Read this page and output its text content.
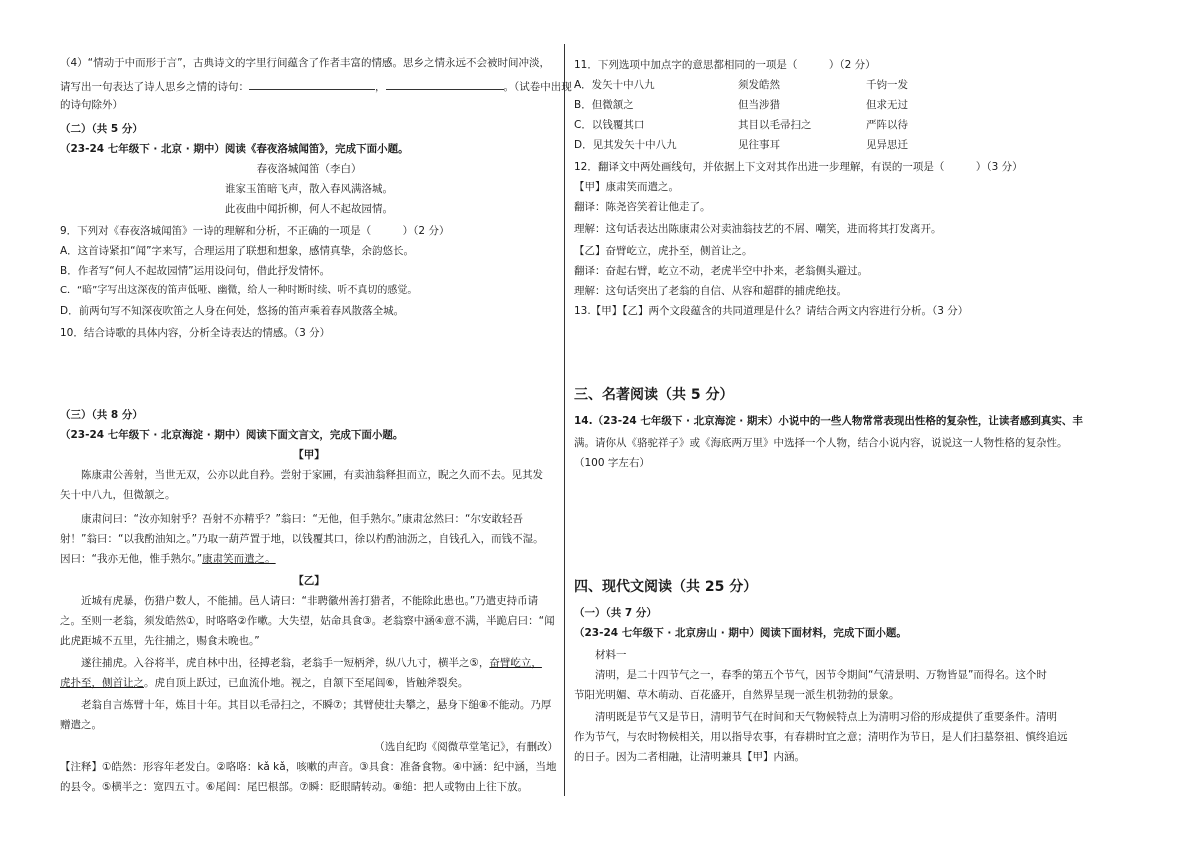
（4）“情动于中而形于言”，古典诗文的字里行间蕴含了作者丰富的情感。思乡之情永远不会被时间冲淡，
请写出一句表达了诗人思乡之情的诗句：	，	。（试卷中出现
的诗句除外）
（二）（共 5 分）
（23-24 七年级下 · 北京 · 期中）阅读《春夜洛城闻笛》，完成下面小题。
春夜洛城闻笛（李白）
谁家玉笛暗飞声，散入春风满洛城。
此夜曲中闻折柳，何人不起故园情。
9．下列对《春夜洛城闻笛》一诗的理解和分析，不正确的一项是（　　　）（2 分）
A．这首诗紧扣“闻”字来写，合理运用了联想和想象，感情真挚，余韵悠长。
B．作者写“何人不起故园情”运用设问句，借此抒发情怀。
C．“暗”字写出这深夜的笛声低哑、幽微，给人一种时断时续、听不真切的感觉。
D．前两句写不知深夜吹笛之人身在何处，悠扬的笛声乘着春风散落全城。
10．结合诗歌的具体内容，分析全诗表达的情感。（3 分）
（三）（共 8 分）
（23-24 七年级下 · 北京海淀 · 期中）阅读下面文言文，完成下面小题。
【甲】
陈康肃公善射，当世无双，公亦以此自矜。尝射于家圃，有卖油翁释担而立，睨之久而不去。见其发
矢十中八九，但微颔之。
康肃问曰：“汝亦知射乎？吾射不亦精乎？”翁曰：“无他，但手熟尔。”康肃忿然曰：“尔安敢轻吾
射！”翁曰：“以我酌油知之。”乃取一葫芦置于地，以钱覆其口，徐以杓酌油沥之，自钱孔入，而钱不湿。
因曰：“我亦无他，惟手熟尔。”康肃笑而遣之。
【乙】
近城有虎暴，伤猎户数人，不能捕。邑人请曰：“非聘徽州善打猎者，不能除此患也。”乃遣吏持币请
之。至则一老翁，须发皓然①，时咯咯②作嗽。大失望，姑命具食③。老翁察中涵④意不满，半跪启曰：“闻
此虎距城不五里，先往捕之，赐食未晚也。”
遂往捕虎。入谷将半，虎自林中出，径搏老翁，老翁手一短柄斧，纵八九寸，横半之⑤，奋臂屹立，
虎扑至，侧首让之。虎自顶上跃过，已血流仆地。视之，自颔下至尾闾⑥，皆触斧裂矣。
老翁自言炼臂十年，炼目十年。其目以毛帚扫之，不瞬⑦；其臂使壮夫攀之，悬身下缒⑧不能动。乃厚
赠遣之。
（选自纪昀《阅微草堂笔记》，有删改）
【注释】①皓然：形容年老发白。②咯咯：kǎ kǎ，咳嗽的声音。③具食：准备食物。④中涵：纪中涵，当地
的县令。⑤横半之：宽四五寸。⑥尾闾：尾巴根部。⑦瞬：眨眼睛转动。⑧缒：把人或物由上往下放。
11．下列选项中加点字的意思都相同的一项是（　　　）（2 分）
A．发矢十中八九	须发皓然	千钧一发
B．但微颔之	但当涉猎	但求无过
C．以钱覆其口	其目以毛帚扫之	严阵以待
D．见其发矢十中八九	见往事耳	见异思迁
12．翻译文中两处画线句，并依据上下文对其作出进一步理解，有误的一项是（　　　）（3 分）
【甲】康肃笑而遣之。
翻译：陈尧咨笑着让他走了。
理解：这句话表达出陈康肃公对卖油翁技艺的不屑、嘲笑，进而将其打发离开。
【乙】奋臂屹立，虎扑至，侧首让之。
翻译：奋起右臂，屹立不动，老虎半空中扑来，老翁侧头避过。
理解：这句话突出了老翁的自信、从容和超群的捕虎绝技。
13.【甲】【乙】两个文段蕴含的共同道理是什么？请结合两文内容进行分析。（3 分）
三、名著阅读（共 5 分）
14.（23-24 七年级下 · 北京海淀 · 期末）小说中的一些人物常常表现出性格的复杂性，让读者感到真实、丰
满。请你从《骆驼祥子》或《海底两万里》中选择一个人物，结合小说内容，说说这一人物性格的复杂性。
（100 字左右）
四、现代文阅读（共 25 分）
（一）（共 7 分）
（23-24 七年级下 · 北京房山 · 期中）阅读下面材料，完成下面小题。
材料一
清明，是二十四节气之一，春季的第五个节气，因节令期间“气清景明、万物皆显”而得名。这个时
节阳光明媚、草木萌动、百花盛开，自然界呈现一派生机勃勃的景象。
清明既是节气又是节日，清明节气在时间和天气物候特点上为清明习俗的形成提供了重要条件。清明
作为节气，与农时物候相关，用以指导农事，有春耕时宜之意；清明作为节日，是人们扫墓祭祖、慎终追远
的日子。因为二者相融，让清明兼具【甲】内涵。
